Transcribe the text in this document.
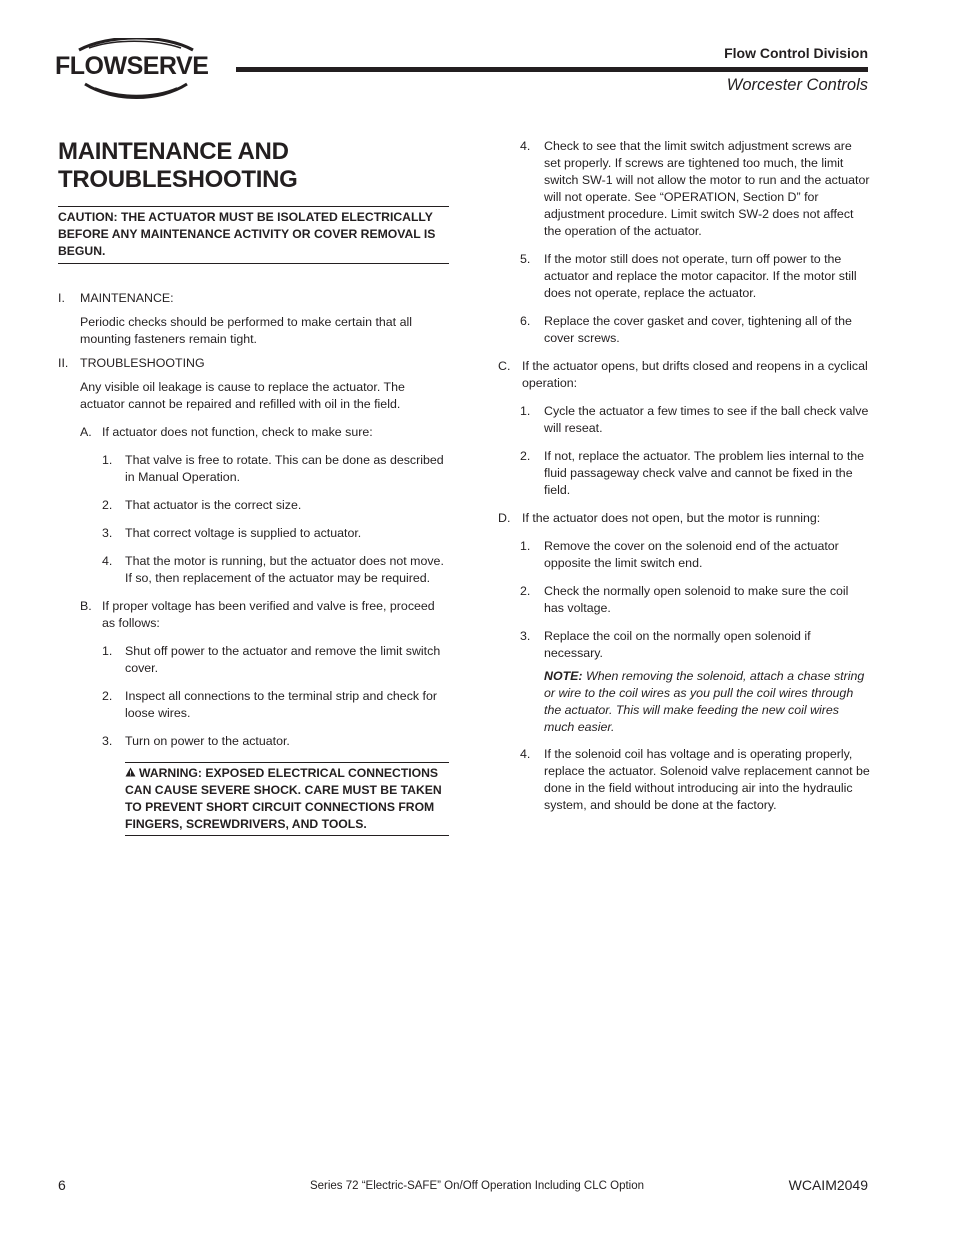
FLOWSERVE	Flow Control Division
Worcester Controls
MAINTENANCE AND TROUBLESHOOTING
CAUTION: THE ACTUATOR MUST BE ISOLATED ELECTRICALLY BEFORE ANY MAINTENANCE ACTIVITY OR COVER REMOVAL IS BEGUN.
I. MAINTENANCE:
Periodic checks should be performed to make certain that all mounting fasteners remain tight.
II. TROUBLESHOOTING
Any visible oil leakage is cause to replace the actuator. The actuator cannot be repaired and refilled with oil in the field.
A. If actuator does not function, check to make sure:
1. That valve is free to rotate. This can be done as described in Manual Operation.
2. That actuator is the correct size.
3. That correct voltage is supplied to actuator.
4. That the motor is running, but the actuator does not move. If so, then replacement of the actuator may be required.
B. If proper voltage has been verified and valve is free, proceed as follows:
1. Shut off power to the actuator and remove the limit switch cover.
2. Inspect all connections to the terminal strip and check for loose wires.
3. Turn on power to the actuator.
WARNING: EXPOSED ELECTRICAL CONNECTIONS CAN CAUSE SEVERE SHOCK. CARE MUST BE TAKEN TO PREVENT SHORT CIRCUIT CONNECTIONS FROM FINGERS, SCREWDRIVERS, AND TOOLS.
4. Check to see that the limit switch adjustment screws are set properly. If screws are tightened too much, the limit switch SW-1 will not allow the motor to run and the actuator will not operate. See “OPERATION, Section D” for adjustment procedure. Limit switch SW-2 does not affect the operation of the actuator.
5. If the motor still does not operate, turn off power to the actuator and replace the motor capacitor. If the motor still does not operate, replace the actuator.
6. Replace the cover gasket and cover, tightening all of the cover screws.
C. If the actuator opens, but drifts closed and reopens in a cyclical operation:
1. Cycle the actuator a few times to see if the ball check valve will reseat.
2. If not, replace the actuator. The problem lies internal to the fluid passageway check valve and cannot be fixed in the field.
D. If the actuator does not open, but the motor is running:
1. Remove the cover on the solenoid end of the actuator opposite the limit switch end.
2. Check the normally open solenoid to make sure the coil has voltage.
3. Replace the coil on the normally open solenoid if necessary.
NOTE: When removing the solenoid, attach a chase string or wire to the coil wires as you pull the coil wires through the actuator. This will make feeding the new coil wires much easier.
4. If the solenoid coil has voltage and is operating properly, replace the actuator. Solenoid valve replacement cannot be done in the field without introducing air into the hydraulic system, and should be done at the factory.
6	Series 72 “Electric-SAFE” On/Off Operation Including CLC Option	WCAIM2049
